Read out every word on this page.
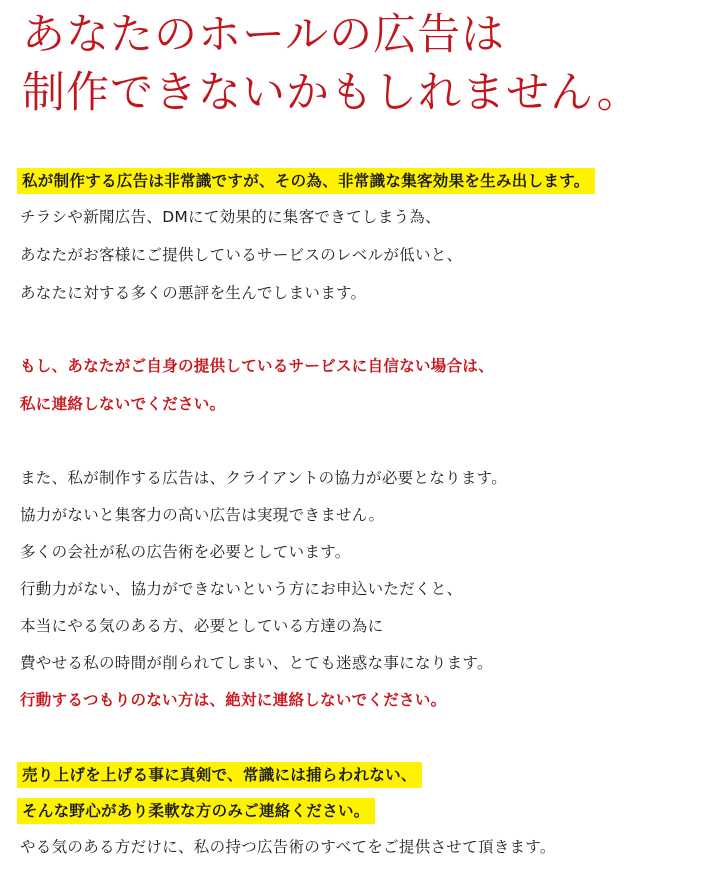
あなたのホールの広告は
制作できないかもしれません。
私が制作する広告は非常識ですが、その為、非常識な集客効果を生み出します。
チラシや新聞広告、DMにて効果的に集客できてしまう為、
あなたがお客様にご提供しているサービスのレベルが低いと、
あなたに対する多くの悪評を生んでしまいます。
もし、あなたがご自身の提供しているサービスに自信ない場合は、
私に連絡しないでください。
また、私が制作する広告は、クライアントの協力が必要となります。
協力がないと集客力の高い広告は実現できません。
多くの会社が私の広告術を必要としています。
行動力がない、協力ができないという方にお申込いただくと、
本当にやる気のある方、必要としている方達の為に
費やせる私の時間が削られてしまい、とても迷惑な事になります。
行動するつもりのない方は、絶対に連絡しないでください。
売り上げを上げる事に真剣で、常識には捕らわれない、
そんな野心があり柔軟な方のみご連絡ください。
やる気のある方だけに、私の持つ広告術のすべてをご提供させて頂きます。
